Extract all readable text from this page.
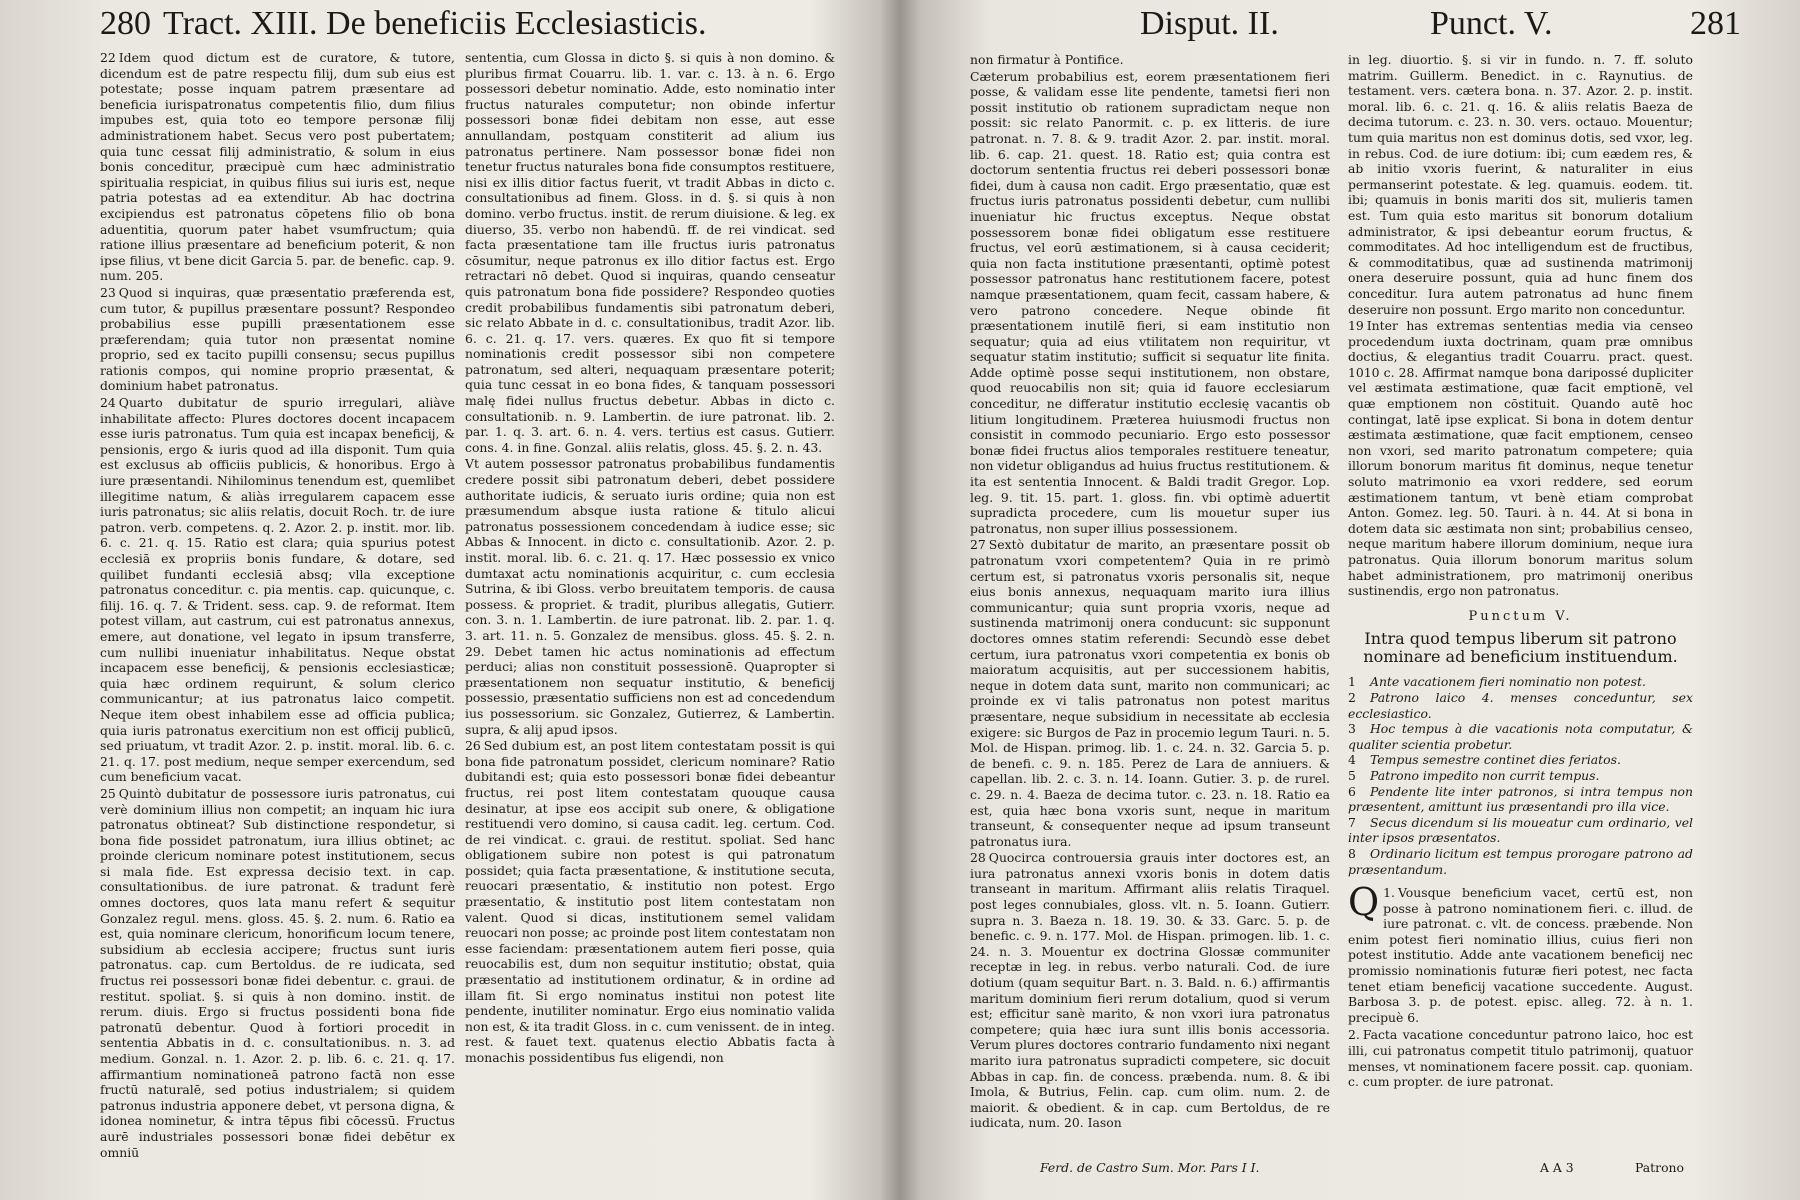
280 Tract. XIII. De beneficiis Ecclesiasticis.

22 Idem quod dictum est de curatore, & tutore, dicendum est de patre respectu filij, dum sub eius est potestate; posse inquam patrem præsentare ad beneficia iurispatronatus competentis filio, dum filius impubes est, quia toto eo tempore personæ filij administrationem habet. Secus vero post pubertatem; quia tunc cessat filij administratio, & solum in eius bonis conceditur, præcipuè cum hæc administratio spiritualia respiciat, in quibus filius sui iuris est, neque patria potestas ad ea extenditur. Ab hac doctrina excipiendus est patronatus cōpetens filio ob bona aduentitia, quorum pater habet vsumfructum; quia ratione illius præsentare ad beneficium poterit, & non ipse filius, vt bene dicit Garcia 5. par. de benefic. cap. 9. num. 205.

23 Quod si inquiras, quæ præsentatio præferenda est, cum tutor, & pupillus præsentare possunt? Respondeo probabilius esse pupilli præsentationem esse præferendam; quia tutor non præsentat nomine proprio, sed ex tacito pupilli consensu; secus pupillus rationis compos, qui nomine proprio præsentat, & dominium habet patronatus.

24 Quarto dubitatur de spurio irregulari, aliàve inhabilitate affecto: Plures doctores docent incapacem esse iuris patronatus. Tum quia est incapax beneficij, & pensionis, ergo & iuris quod ad illa disponit. Tum quia est exclusus ab officiis publicis, & honoribus. Ergo à iure præsentandi. Nihilominus tenendum est, quemlibet illegitime natum, & aliàs irregularem capacem esse iuris patronatus; sic aliis relatis, docuit Roch. tr. de iure patron. verb. competens. q. 2. Azor. 2. p. instit. mor. lib. 6. c. 21. q. 15. Ratio est clara; quia spurius potest ecclesiā ex propriis bonis fundare, & dotare, sed quilibet fundanti ecclesiā absq; vlla exceptione patronatus conceditur. c. pia mentis. cap. quicunque, c. filij. 16. q. 7. & Trident. sess. cap. 9. de reformat. Item potest villam, aut castrum, cui est patronatus annexus, emere, aut donatione, vel legato in ipsum transferre, cum nullibi inueniatur inhabilitatus. Neque obstat incapacem esse beneficij, & pensionis ecclesiasticæ; quia hæc ordinem requirunt, & solum clerico communicantur; at ius patronatus laico competit. Neque item obest inhabilem esse ad officia publica; quia iuris patronatus exercitium non est officij publicū, sed priuatum, vt tradit Azor. 2. p. instit. moral. lib. 6. c. 21. q. 17. post medium, neque semper exercendum, sed cum beneficium vacat.

25 Quintò dubitatur de possessore iuris patronatus, cui verè dominium illius non competit; an inquam hic iura patronatus obtineat? Sub distinctione respondetur, si bona fide possidet patronatum, iura illius obtinet; ac proinde clericum nominare potest institutionem, secus si mala fide. Est expressa decisio text. in cap. consultationibus. de iure patronat. & tradunt ferè omnes doctores, quos lata manu refert & sequitur Gonzalez regul. mens. gloss. 45. §. 2. num. 6. Ratio ea est, quia nominare clericum, honorificum locum tenere, subsidium ab ecclesia accipere; fructus sunt iuris patronatus. cap. cum Bertoldus. de re iudicata, sed fructus rei possessori bonæ fidei debentur. c. graui. de restitut. spoliat. §. si quis à non domino. instit. de rerum. diuis. Ergo si fructus possidenti bona fide patronatū debentur. Quod à fortiori procedit in sententia Abbatis in d. c. consultationibus. n. 3. ad medium. Gonzal. n. 1. Azor. 2. p. lib. 6. c. 21. q. 17. affirmantium nominationeā patrono factā non esse fructū naturalē, sed potius industrialem; si quidem patronus industria apponere debet, vt persona digna, & idonea nominetur, & intra tēpus fibi cōcessū. Fructus aurē industriales possessori bonæ fidei debētur ex omniū

sententia, cum Glossa in dicto §. si quis à non domino. & pluribus firmat Couarru. lib. 1. var. c. 13. à n. 6. Ergo possessori debetur nominatio. Adde, esto nominatio inter fructus naturales computetur; non obinde infertur possessori bonæ fidei debitam non esse, aut esse annullandam, postquam constiterit ad alium ius patronatus pertinere. Nam possessor bonæ fidei non tenetur fructus naturales bona fide consumptos restituere, nisi ex illis ditior factus fuerit, vt tradit Abbas in dicto c. consultationibus ad finem. Gloss. in d. §. si quis à non domino. verbo fructus. instit. de rerum diuisione. & leg. ex diuerso, 35. verbo non habendū. ff. de rei vindicat. sed facta præsentatione tam ille fructus iuris patronatus cōsumitur, neque patronus ex illo ditior factus est. Ergo retractari nō debet. Quod si inquiras, quando censeatur quis patronatum bona fide possidere? Respondeo quoties credit probabilibus fundamentis sibi patronatum deberi, sic relato Abbate in d. c. consultationibus, tradit Azor. lib. 6. c. 21. q. 17. vers. quæres. Ex quo fit si tempore nominationis credit possessor sibi non competere patronatum, sed alteri, nequaquam præsentare poterit; quia tunc cessat in eo bona fides, & tanquam possessori malę fidei nullus fructus debetur. Abbas in dicto c. consultationib. n. 9. Lambertin. de iure patronat. lib. 2. par. 1. q. 3. art. 6. n. 4. vers. tertius est casus. Gutierr. cons. 4. in fine. Gonzal. aliis relatis, gloss. 45. §. 2. n. 43.

Vt autem possessor patronatus probabilibus fundamentis credere possit sibi patronatum deberi, debet possidere authoritate iudicis, & seruato iuris ordine; quia non est præsumendum absque iusta ratione & titulo alicui patronatus possessionem concedendam à iudice esse; sic Abbas & Innocent. in dicto c. consultationib. Azor. 2. p. instit. moral. lib. 6. c. 21. q. 17. Hæc possessio ex vnico dumtaxat actu nominationis acquiritur, c. cum ecclesia Sutrina, & ibi Gloss. verbo breuitatem temporis. de causa possess. & propriet. & tradit, pluribus allegatis, Gutierr. con. 3. n. 1. Lambertin. de iure patronat. lib. 2. par. 1. q. 3. art. 11. n. 5. Gonzalez de mensibus. gloss. 45. §. 2. n. 29. Debet tamen hic actus nominationis ad effectum perduci; alias non constituit possessionē. Quapropter si præsentationem non sequatur institutio, & beneficij possessio, præsentatio sufficiens non est ad concedendum ius possessorium. sic Gonzalez, Gutierrez, & Lambertin. supra, & alij apud ipsos.

26 Sed dubium est, an post litem contestatam possit is qui bona fide patronatum possidet, clericum nominare? Ratio dubitandi est; quia esto possessori bonæ fidei debeantur fructus, rei post litem contestatam quouque causa desinatur, at ipse eos accipit sub onere, & obligatione restituendi vero domino, si causa cadit. leg. certum. Cod. de rei vindicat. c. graui. de restitut. spoliat. Sed hanc obligationem subire non potest is qui patronatum possidet; quia facta præsentatione, & institutione secuta, reuocari præsentatio, & institutio non potest. Ergo præsentatio, & institutio post litem contestatam non valent. Quod si dicas, institutionem semel validam reuocari non posse; ac proinde post litem contestatam non esse faciendam: præsentationem autem fieri posse, quia reuocabilis est, dum non sequitur institutio; obstat, quia præsentatio ad institutionem ordinatur, & in ordine ad illam fit. Si ergo nominatus institui non potest lite pendente, inutiliter nominatur. Ergo eius nominatio valida non est, & ita tradit Gloss. in c. cum venissent. de in integ. rest. & fauet text. quatenus electio Abbatis facta à monachis possidentibus fus eligendi, non

Disput. II.	Punct. V.	281

non firmatur à Pontifice.

Cæterum probabilius est, eorem præsentationem fieri posse, & validam esse lite pendente, tametsi fieri non possit institutio ob rationem supradictam neque non possit: sic relato Panormit. c. p. ex litteris. de iure patronat. n. 7. 8. & 9. tradit Azor. 2. par. instit. moral. lib. 6. cap. 21. quest. 18. Ratio est; quia contra est doctorum sententia fructus rei deberi possessori bonæ fidei, dum à causa non cadit. Ergo præsentatio, quæ est fructus iuris patronatus possidenti debetur, cum nullibi inueniatur hic fructus exceptus. Neque obstat possessorem bonæ fidei obligatum esse restituere fructus, vel eorū æstimationem, si à causa ceciderit; quia non facta institutione præsentanti, optimè potest possessor patronatus hanc restitutionem facere, potest namque præsentationem, quam fecit, cassam habere, & vero patrono concedere. Neque obinde fit præsentationem inutilē fieri, si eam institutio non sequatur; quia ad eius vtilitatem non requiritur, vt sequatur statim institutio; sufficit si sequatur lite finita. Adde optimè posse sequi institutionem, non obstare, quod reuocabilis non sit; quia id fauore ecclesiarum conceditur, ne differatur institutio ecclesię vacantis ob litium longitudinem. Præterea huiusmodi fructus non consistit in commodo pecuniario. Ergo esto possessor bonæ fidei fructus alios temporales restituere teneatur, non videtur obligandus ad huius fructus restitutionem. & ita est sententia Innocent. & Baldi tradit Gregor. Lop. leg. 9. tit. 15. part. 1. gloss. fin. vbi optimè aduertit supradicta procedere, cum lis mouetur super ius patronatus, non super illius possessionem.

27 Sextò dubitatur de marito, an præsentare possit ob patronatum vxori competentem? Quia in re primò certum est, si patronatus vxoris personalis sit, neque eius bonis annexus, nequaquam marito iura illius communicantur; quia sunt propria vxoris, neque ad sustinenda matrimonij onera conducunt: sic supponunt doctores omnes statim referendi: Secundò esse debet certum, iura patronatus vxori competentia ex bonis ob maioratum acquisitis, aut per successionem habitis, neque in dotem data sunt, marito non communicari; ac proinde ex vi talis patronatus non potest maritus præsentare, neque subsidium in necessitate ab ecclesia exigere: sic Burgos de Paz in procemio legum Tauri. n. 5. Mol. de Hispan. primog. lib. 1. c. 24. n. 32. Garcia 5. p. de benefi. c. 9. n. 185. Perez de Lara de anniuers. & capellan. lib. 2. c. 3. n. 14. Ioann. Gutier. 3. p. de rurel. c. 29. n. 4. Baeza de decima tutor. c. 23. n. 18. Ratio ea est, quia hæc bona vxoris sunt, neque in maritum transeunt, & consequenter neque ad ipsum transeunt patronatus iura.

28 Quocirca controuersia grauis inter doctores est, an iura patronatus annexi vxoris bonis in dotem datis transeant in maritum. Affirmant aliis relatis Tiraquel. post leges connubiales, gloss. vlt. n. 5. Ioann. Gutierr. supra n. 3. Baeza n. 18. 19. 30. & 33. Garc. 5. p. de benefic. c. 9. n. 177. Mol. de Hispan. primogen. lib. 1. c. 24. n. 3. Mouentur ex doctrina Glossæ communiter receptæ in leg. in rebus. verbo naturali. Cod. de iure dotium (quam sequitur Bart. n. 3. Bald. n. 6.) affirmantis maritum dominium fieri rerum dotalium, quod si verum est; efficitur sanè marito, & non vxori iura patronatus competere; quia hæc iura sunt illis bonis accessoria. Verum plures doctores contrario fundamento nixi negant marito iura patronatus supradicti competere, sic docuit Abbas in cap. fin. de concess. præbenda. num. 8. & ibi Imola, & Butrius, Felin. cap. cum olim. num. 2. de maiorit. & obedient. & in cap. cum Bertoldus, de re iudicata, num. 20. Iason

Ferd. de Castro Sum. Mor. Pars I I.

in leg. diuortio. §. si vir in fundo. n. 7. ff. soluto matrim. Guillerm. Benedict. in c. Raynutius. de testament. vers. cætera bona. n. 37. Azor. 2. p. instit. moral. lib. 6. c. 21. q. 16. & aliis relatis Baeza de decima tutorum. c. 23. n. 30. vers. octauo. Mouentur; tum quia maritus non est dominus dotis, sed vxor, leg. in rebus. Cod. de iure dotium: ibi; cum eædem res, & ab initio vxoris fuerint, & naturaliter in eius permanserint potestate. & leg. quamuis. eodem. tit. ibi; quamuis in bonis mariti dos sit, mulieris tamen est. Tum quia esto maritus sit bonorum dotalium administrator, & ipsi debeantur eorum fructus, & commoditates. Ad hoc intelligendum est de fructibus, & commoditatibus, quæ ad sustinenda matrimonij onera deseruire possunt, quia ad hunc finem dos conceditur. Iura autem patronatus ad hunc finem deseruire non possunt. Ergo marito non conceduntur.

19 Inter has extremas sententias media via censeo procedendum iuxta doctrinam, quam præ omnibus doctius, & elegantius tradit Couarru. pract. quest. 1010 c. 28. Affirmat namque bona daripossé dupliciter vel æstimata æstimatione, quæ facit emptionē, vel quæ emptionem non cōstituit. Quando autē hoc contingat, latē ipse explicat. Si bona in dotem dentur æstimata æstimatione, quæ facit emptionem, censeo non vxori, sed marito patronatum competere; quia illorum bonorum maritus fit dominus, neque tenetur soluto matrimonio ea vxori reddere, sed eorum æstimationem tantum, vt benè etiam comprobat Anton. Gomez. leg. 50. Tauri. à n. 44. At si bona in dotem data sic æstimata non sint; probabilius censeo, neque maritum habere illorum dominium, neque iura patronatus. Quia illorum bonorum maritus solum habet administrationem, pro matrimonij oneribus sustinendis, ergo non patronatus.

Punctum V.
Intra quod tempus liberum sit patrono nominare ad beneficium instituendum.
1 Ante vacationem fieri nominatio non potest.
2 Patrono laico 4. menses conceduntur, sex ecclesiastico.
3 Hoc tempus à die vacationis nota computatur, & qualiter scientia probetur.
4 Tempus semestre continet dies feriatos.
5 Patrono impedito non currit tempus.
6 Pendente lite inter patronos, si intra tempus non præsentent, amittunt ius præsentandi pro illa vice.
7 Secus dicendum si lis moueatur cum ordinario, vel inter ipsos præsentatos.
8 Ordinario licitum est tempus prorogare patrono ad præsentandum.

1.
Q Vousque beneficium vacet, certū est, non posse à patrono nominationem fieri. c. illud. de iure patronat. c. vlt. de concess. præbende. Non enim potest fieri nominatio illius, cuius fieri non potest institutio. Adde ante vacationem beneficij nec promissio nominationis futuræ fieri potest, nec facta tenet etiam beneficij vacatione succedente. August. Barbosa 3. p. de potest. episc. alleg. 72. à n. 1. precipuè 6.

2. Facta vacatione conceduntur patrono laico, hoc est illi, cui patronatus competit titulo patrimonij, quatuor menses, vt nominationem facere possit. cap. quoniam. c. cum propter. de iure patronat.

A A 3	Patrono
